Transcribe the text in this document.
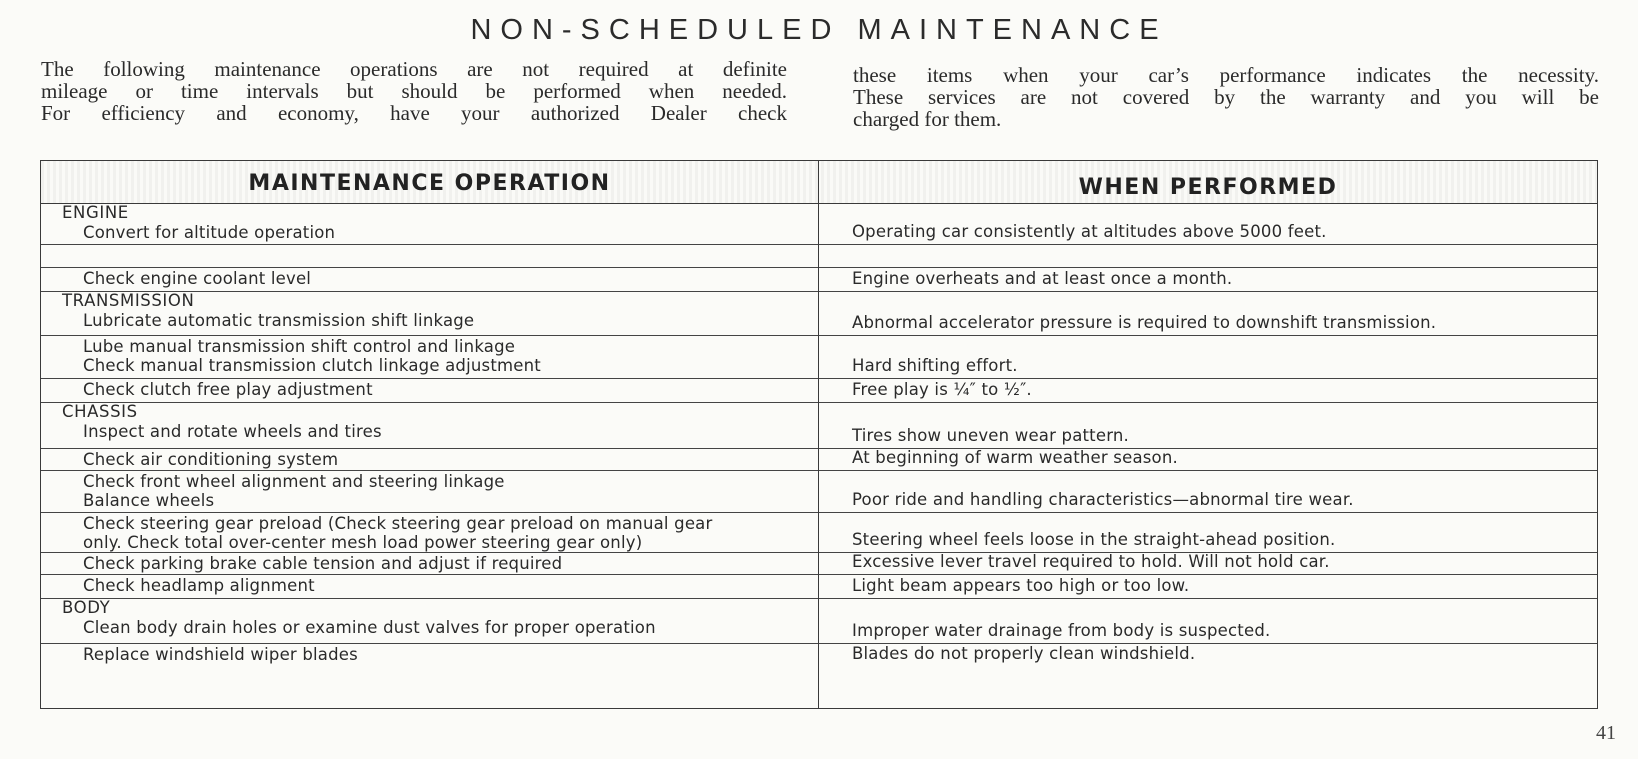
NON-SCHEDULED MAINTENANCE
The following maintenance operations are not required at definite
mileage or time intervals but should be performed when needed.
For efficiency and economy, have your authorized Dealer check
these items when your car’s performance indicates the necessity.
These services are not covered by the warranty and you will be
charged for them.
MAINTENANCE OPERATION	WHEN PERFORMED
ENGINE
Convert for altitude operation	Operating car consistently at altitudes above 5000 feet.
Check engine coolant level	Engine overheats and at least once a month.
TRANSMISSION
Lubricate automatic transmission shift linkage	Abnormal accelerator pressure is required to downshift transmission.
Lube manual transmission shift control and linkage
Check manual transmission clutch linkage adjustment	Hard shifting effort.
Check clutch free play adjustment	Free play is ¼″ to ½″.
CHASSIS
Inspect and rotate wheels and tires	Tires show uneven wear pattern.
Check air conditioning system	At beginning of warm weather season.
Check front wheel alignment and steering linkage
Balance wheels	Poor ride and handling characteristics—abnormal tire wear.
Check steering gear preload (Check steering gear preload on manual gear
only. Check total over-center mesh load power steering gear only)	Steering wheel feels loose in the straight-ahead position.
Check parking brake cable tension and adjust if required	Excessive lever travel required to hold. Will not hold car.
Check headlamp alignment	Light beam appears too high or too low.
BODY
Clean body drain holes or examine dust valves for proper operation	Improper water drainage from body is suspected.
Replace windshield wiper blades	Blades do not properly clean windshield.
41
